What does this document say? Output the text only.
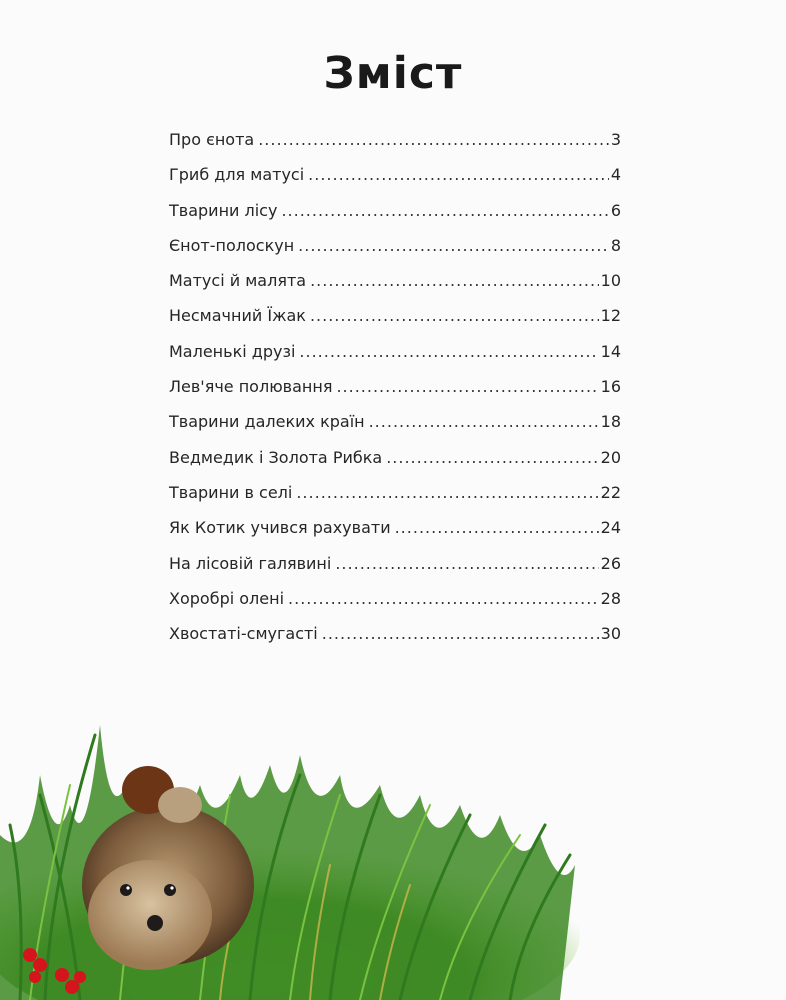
Зміст
Про єнота .....	3
Гриб для матусі .....	4
Тварини лісу .....	6
Єнот-полоскун .....	8
Матусі й малята .....	10
Несмачний Їжак .....	12
Маленькі друзі .....	14
Лев'яче полювання .....	16
Тварини далеких країн .....	18
Ведмедик і Золота Рибка .....	20
Тварини в селі .....	22
Як Котик учився рахувати .....	24
На лісовій галявині .....	26
Хоробрі олені .....	28
Хвостаті-смугасті .....	30
